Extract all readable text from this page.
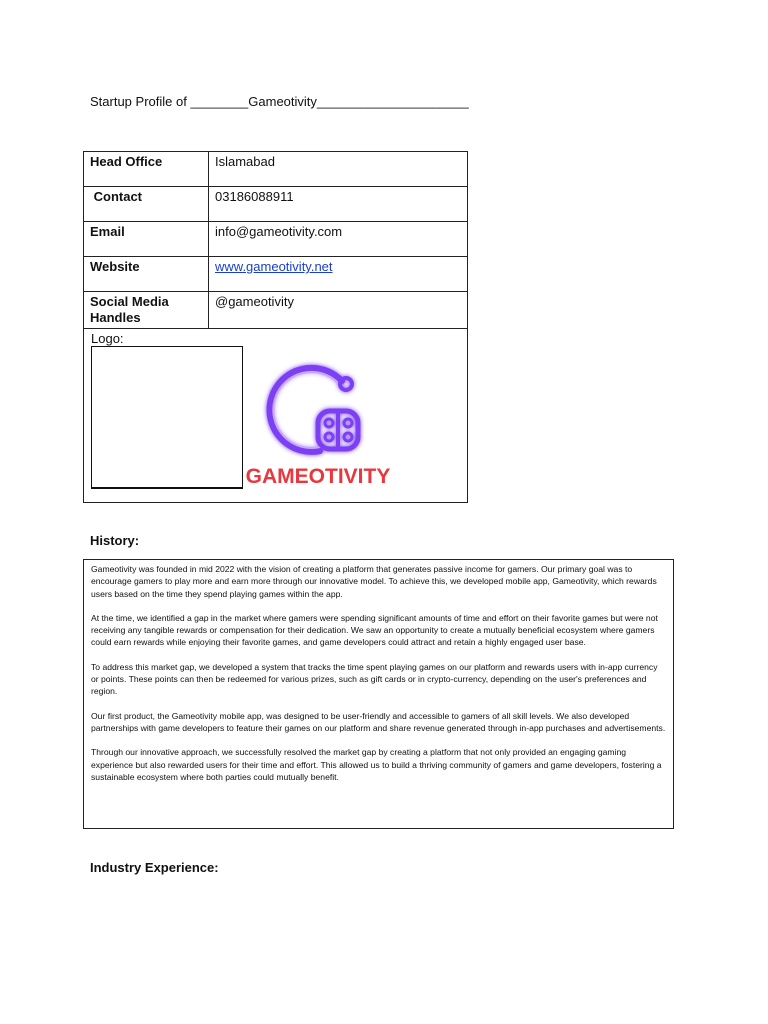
Startup Profile of ________Gameotivity_____________________
Head Office	Islamabad
Contact	03186088911
Email	info@gameotivity.com
Website	www.gameotivity.net
Social Media Handles	@gameotivity

Logo:
GAMEOTIVITY	
History:

Gameotivity was founded in mid 2022 with the vision of creating a platform that generates passive income for gamers. Our primary goal was to encourage gamers to play more and earn more through our innovative model. To achieve this, we developed mobile app, Gameotivity, which rewards users based on the time they spend playing games within the app.

At the time, we identified a gap in the market where gamers were spending significant amounts of time and effort on their favorite games but were not receiving any tangible rewards or compensation for their dedication. We saw an opportunity to create a mutually beneficial ecosystem where gamers could earn rewards while enjoying their favorite games, and game developers could attract and retain a highly engaged user base.

To address this market gap, we developed a system that tracks the time spent playing games on our platform and rewards users with in-app currency or points. These points can then be redeemed for various prizes, such as gift cards or in crypto-currency, depending on the user's preferences and region.

Our first product, the Gameotivity mobile app, was designed to be user-friendly and accessible to gamers of all skill levels. We also developed partnerships with game developers to feature their games on our platform and share revenue generated through in-app purchases and advertisements.

Through our innovative approach, we successfully resolved the market gap by creating a platform that not only provided an engaging gaming experience but also rewarded users for their time and effort. This allowed us to build a thriving community of gamers and game developers, fostering a sustainable ecosystem where both parties could mutually benefit.

Industry Experience:
